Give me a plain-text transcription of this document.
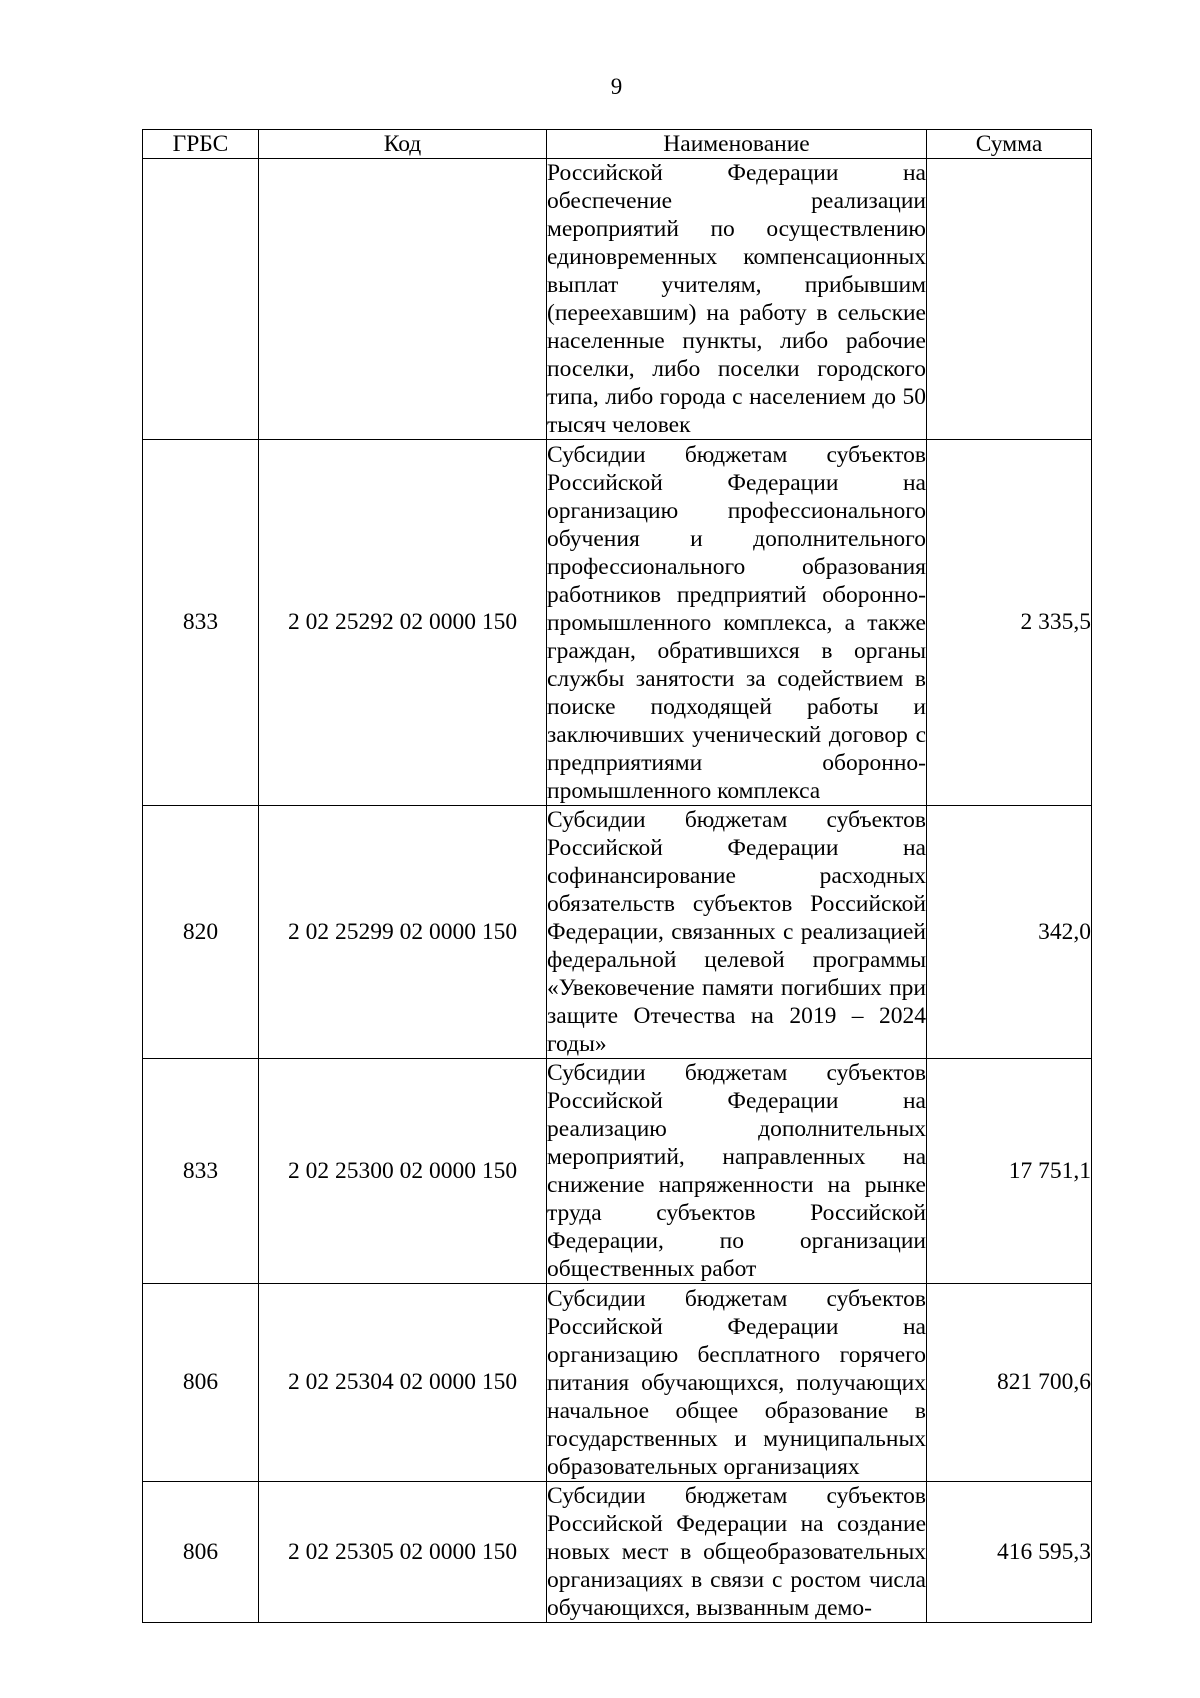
9
ГРБС	Код	Наименование	Сумма

		Российской Федерации на обеспечение реализации мероприятий по осуществлению единовременных компенсационных выплат учителям, прибывшим (переехавшим) на работу в сельские населенные пункты, либо рабочие поселки, либо поселки городского типа, либо города с населением до 50 тысяч человек	

833	2 02 25292 02 0000 150	Субсидии бюджетам субъектов Российской Федерации на организацию профессионального обучения и дополнительного профессионального образования работников предприятий оборонно-промышленного комплекса, а также граждан, обратившихся в органы службы занятости за содействием в поиске подходящей работы и заключивших ученический договор с предприятиями оборонно-промышленного комплекса	2 335,5
820	2 02 25299 02 0000 150	Субсидии бюджетам субъектов Российской Федерации на софинансирование расходных обязательств субъектов Российской Федерации, связанных с реализацией федеральной целевой программы «Увековечение памяти погибших при защите Отечества на 2019 – 2024 годы»	342,0
833	2 02 25300 02 0000 150	Субсидии бюджетам субъектов Российской Федерации на реализацию дополнительных мероприятий, направленных на снижение напряженности на рынке труда субъектов Российской Федерации, по организации общественных работ	17 751,1
806	2 02 25304 02 0000 150	Субсидии бюджетам субъектов Российской Федерации на организацию бесплатного горячего питания обучающихся, получающих начальное общее образование в государственных и муниципальных образовательных организациях	821 700,6
806	2 02 25305 02 0000 150	Субсидии бюджетам субъектов Российской Федерации на создание новых мест в общеобразовательных организациях в связи с ростом числа обучающихся, вызванным демо-	416 595,3
